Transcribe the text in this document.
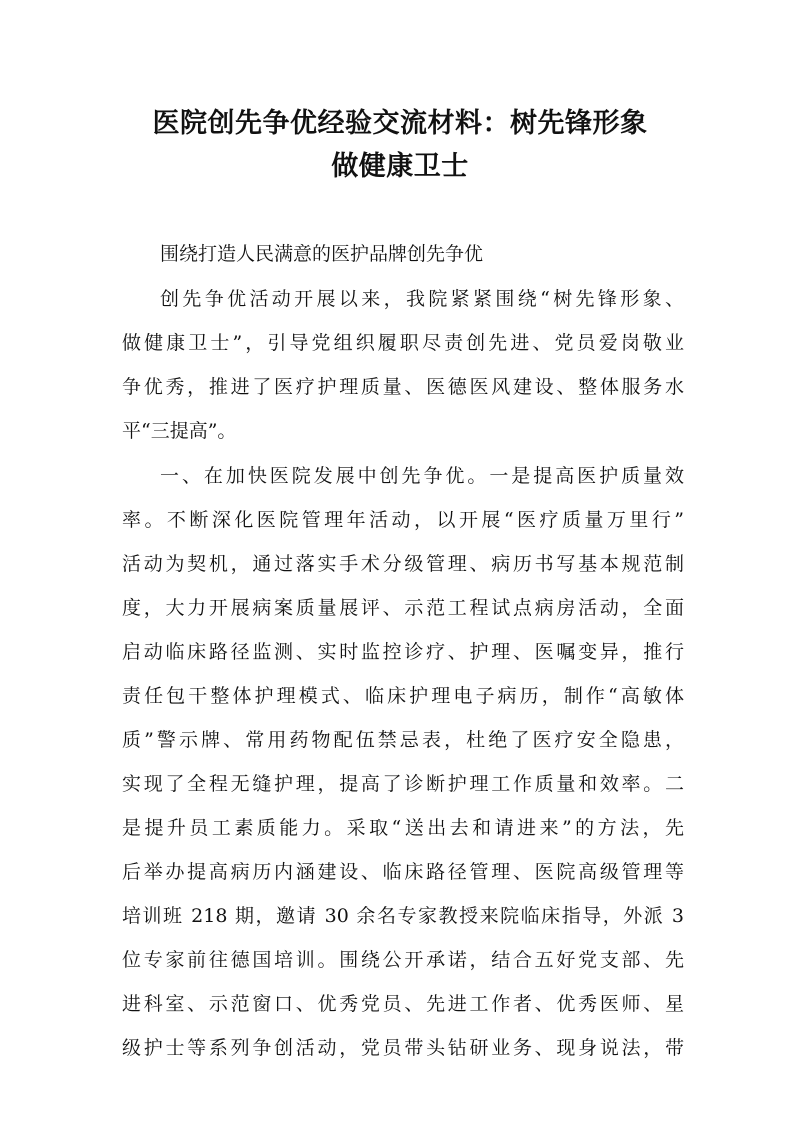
医院创先争优经验交流材料：树先锋形象
做健康卫士
围绕打造人民满意的医护品牌创先争优
创先争优活动开展以来，我院紧紧围绕“树先锋形象、
做健康卫士”，引导党组织履职尽责创先进、党员爱岗敬业
争优秀，推进了医疗护理质量、医德医风建设、整体服务水
平“三提高”。
一、在加快医院发展中创先争优。一是提高医护质量效
率。不断深化医院管理年活动，以开展“医疗质量万里行”
活动为契机，通过落实手术分级管理、病历书写基本规范制
度，大力开展病案质量展评、示范工程试点病房活动，全面
启动临床路径监测、实时监控诊疗、护理、医嘱变异，推行
责任包干整体护理模式、临床护理电子病历，制作“高敏体
质”警示牌、常用药物配伍禁忌表，杜绝了医疗安全隐患，
实现了全程无缝护理，提高了诊断护理工作质量和效率。二
是提升员工素质能力。采取“送出去和请进来”的方法，先
后举办提高病历内涵建设、临床路径管理、医院高级管理等
培训班 218 期，邀请 30 余名专家教授来院临床指导，外派 3
位专家前往德国培训。围绕公开承诺，结合五好党支部、先
进科室、示范窗口、优秀党员、先进工作者、优秀医师、星
级护士等系列争创活动，党员带头钻研业务、现身说法，带
